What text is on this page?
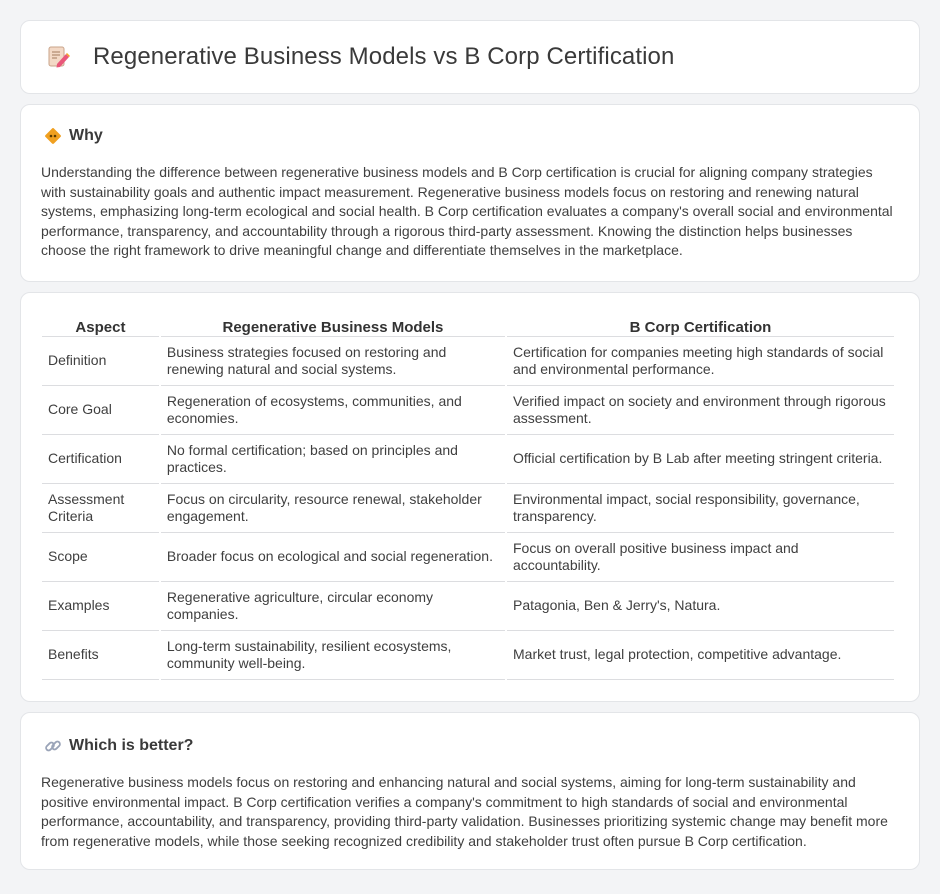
Regenerative Business Models vs B Corp Certification
Why

Understanding the difference between regenerative business models and B Corp certification is crucial for aligning company strategies with sustainability goals and authentic impact measurement. Regenerative business models focus on restoring and renewing natural systems, emphasizing long-term ecological and social health. B Corp certification evaluates a company's overall social and environmental performance, transparency, and accountability through a rigorous third-party assessment. Knowing the distinction helps businesses choose the right framework to drive meaningful change and differentiate themselves in the marketplace.

Aspect	Regenerative Business Models	B Corp Certification
Definition	Business strategies focused on restoring and renewing natural and social systems.	Certification for companies meeting high standards of social and environmental performance.
Core Goal	Regeneration of ecosystems, communities, and economies.	Verified impact on society and environment through rigorous assessment.
Certification	No formal certification; based on principles and practices.	Official certification by B Lab after meeting stringent criteria.
Assessment Criteria	Focus on circularity, resource renewal, stakeholder engagement.	Environmental impact, social responsibility, governance, transparency.
Scope	Broader focus on ecological and social regeneration.	Focus on overall positive business impact and accountability.
Examples	Regenerative agriculture, circular economy companies.	Patagonia, Ben & Jerry's, Natura.
Benefits	Long-term sustainability, resilient ecosystems, community well-being.	Market trust, legal protection, competitive advantage.
Which is better?

Regenerative business models focus on restoring and enhancing natural and social systems, aiming for long-term sustainability and positive environmental impact. B Corp certification verifies a company's commitment to high standards of social and environmental performance, accountability, and transparency, providing third-party validation. Businesses prioritizing systemic change may benefit more from regenerative models, while those seeking recognized credibility and stakeholder trust often pursue B Corp certification.
